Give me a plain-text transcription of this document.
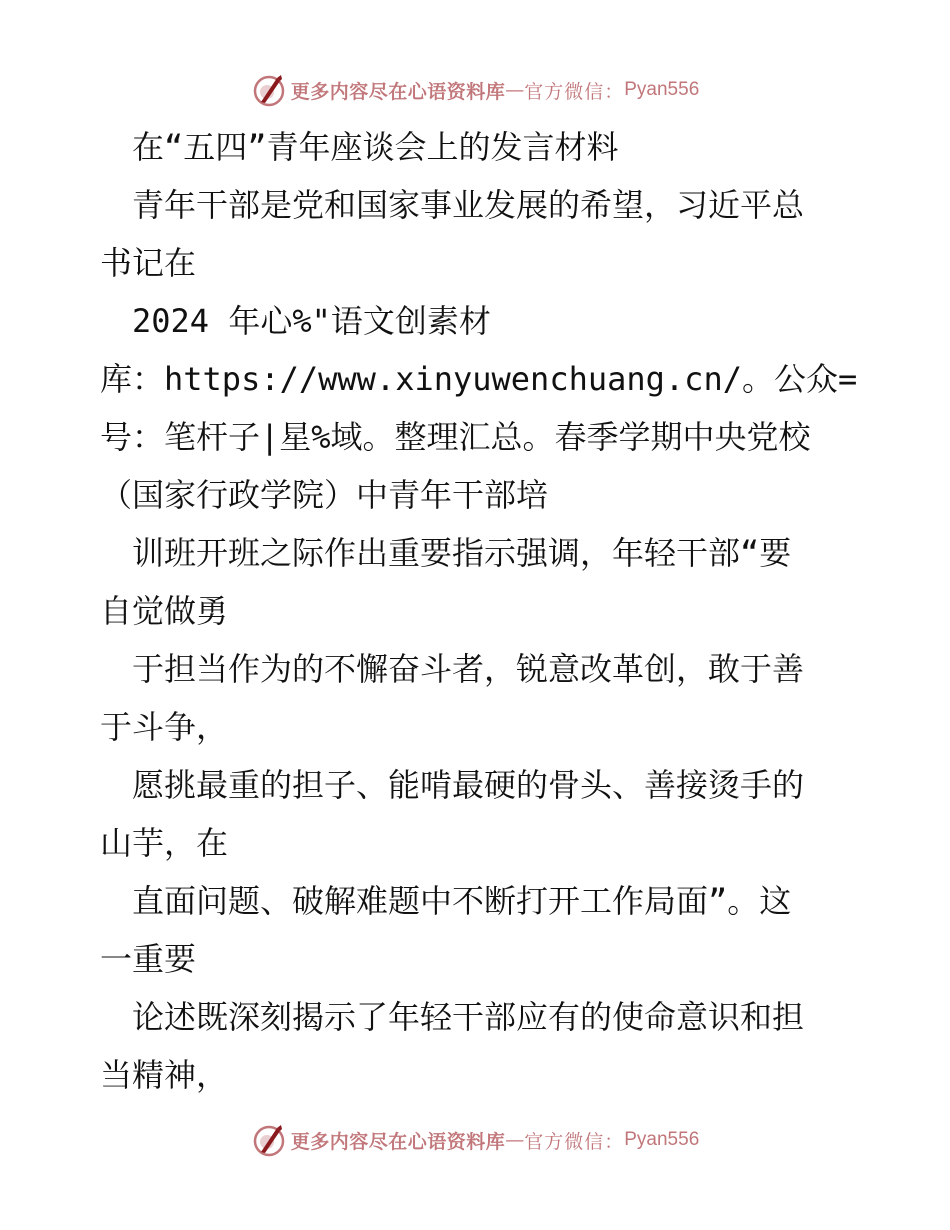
更多内容尽在心语资料库 — 官方微信： Pyan556
　在“五四”青年座谈会上的发言材料
　青年干部是党和国家事业发展的希望，习近平总
书记在
　2024 年心%"语文创素材
库：https://www.xinyuwenchuang.cn/。公众=
号：笔杆子|星%域。整理汇总。春季学期中央党校
（国家行政学院）中青年干部培
　训班开班之际作出重要指示强调，年轻干部“要
自觉做勇
　于担当作为的不懈奋斗者，锐意改革创，敢于善
于斗争，
　愿挑最重的担子、能啃最硬的骨头、善接烫手的
山芋，在
　直面问题、破解难题中不断打开工作局面”。这
一重要
　论述既深刻揭示了年轻干部应有的使命意识和担
当精神，
更多内容尽在心语资料库 — 官方微信： Pyan556
